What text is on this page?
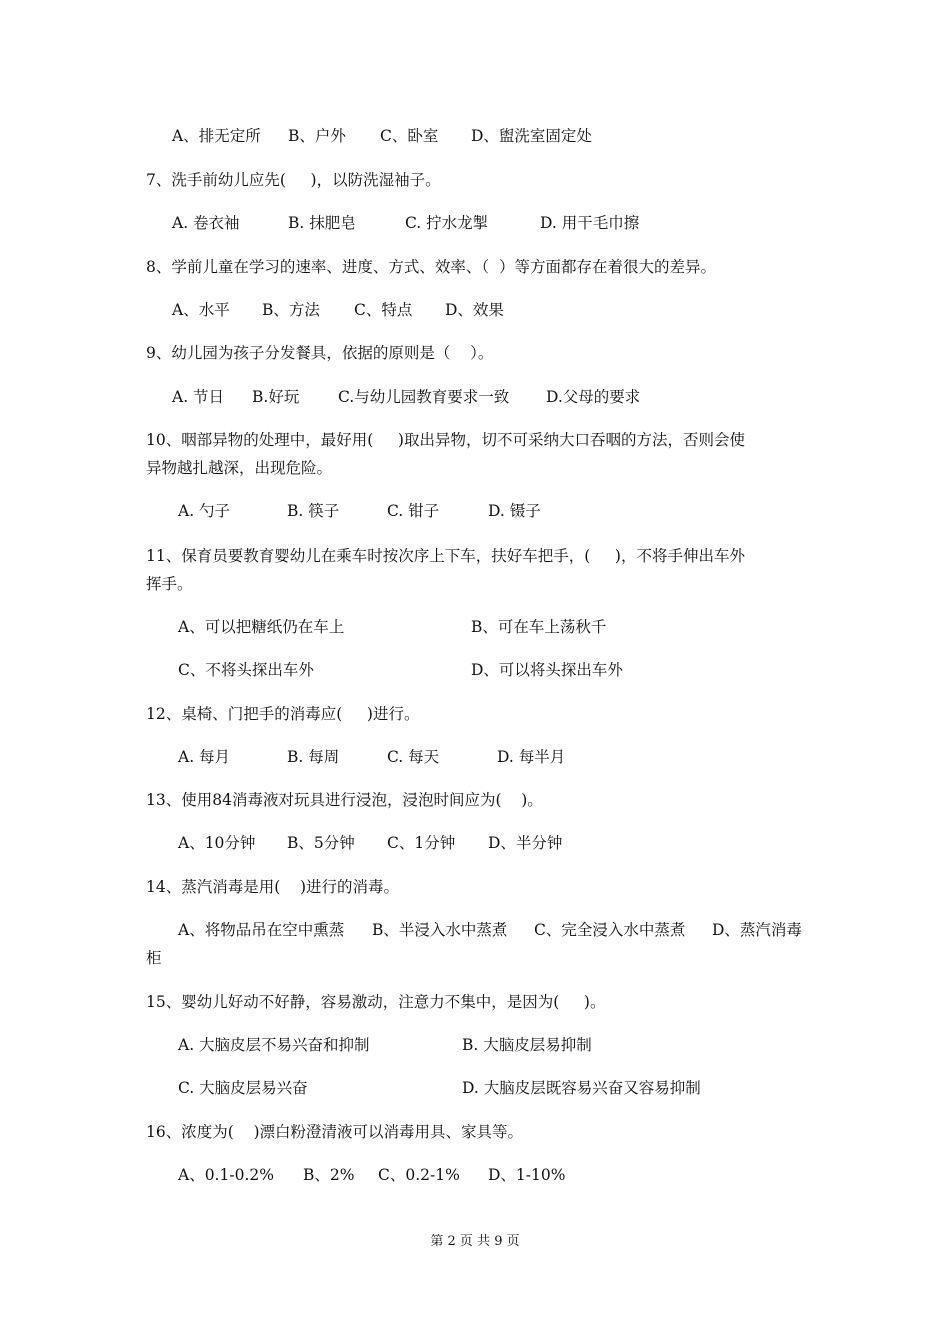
A、排无定所 B、户外 C、卧室 D、盥洗室固定处
7、洗手前幼儿应先(     )，以防洗湿袖子。
A. 卷衣袖	B. 抹肥皂	C. 拧水龙掣	D. 用干毛巾擦
8、学前儿童在学习的速率、进度、方式、效率、（  ）等方面都存在着很大的差异。
A、水平 B、方法 C、特点 D、效果
9、幼儿园为孩子分发餐具，依据的原则是（    ）。
A. 节日 B.好玩 C.与幼儿园教育要求一致 D.父母的要求
10、咽部异物的处理中，最好用(     )取出异物，切不可采纳大口吞咽的方法，否则会使
异物越扎越深，出现危险。
A. 勺子	B. 筷子	C. 钳子	D. 镊子
11、保育员要教育婴幼儿在乘车时按次序上下车，扶好车把手，(     )，不将手伸出车外
挥手。
A、可以把糖纸仍在车上	B、可在车上荡秋千
C、不将头探出车外	D、可以将头探出车外
12、桌椅、门把手的消毒应(     )进行。
A. 每月	B. 每周	C. 每天	D. 每半月
13、使用84消毒液对玩具进行浸泡，浸泡时间应为(    )。
A、10分钟 B、5分钟 C、1分钟 D、半分钟
14、蒸汽消毒是用(    )进行的消毒。
A、将物品吊在空中熏蒸 B、半浸入水中蒸煮 C、完全浸入水中蒸煮 D、蒸汽消毒
柜
15、婴幼儿好动不好静，容易激动，注意力不集中，是因为(     )。
A. 大脑皮层不易兴奋和抑制	B. 大脑皮层易抑制
C. 大脑皮层易兴奋	D. 大脑皮层既容易兴奋又容易抑制
16、浓度为(    )漂白粉澄清液可以消毒用具、家具等。
A、0.1-0.2% B、2% C、0.2-1% D、1-10%
第 2 页 共 9 页
